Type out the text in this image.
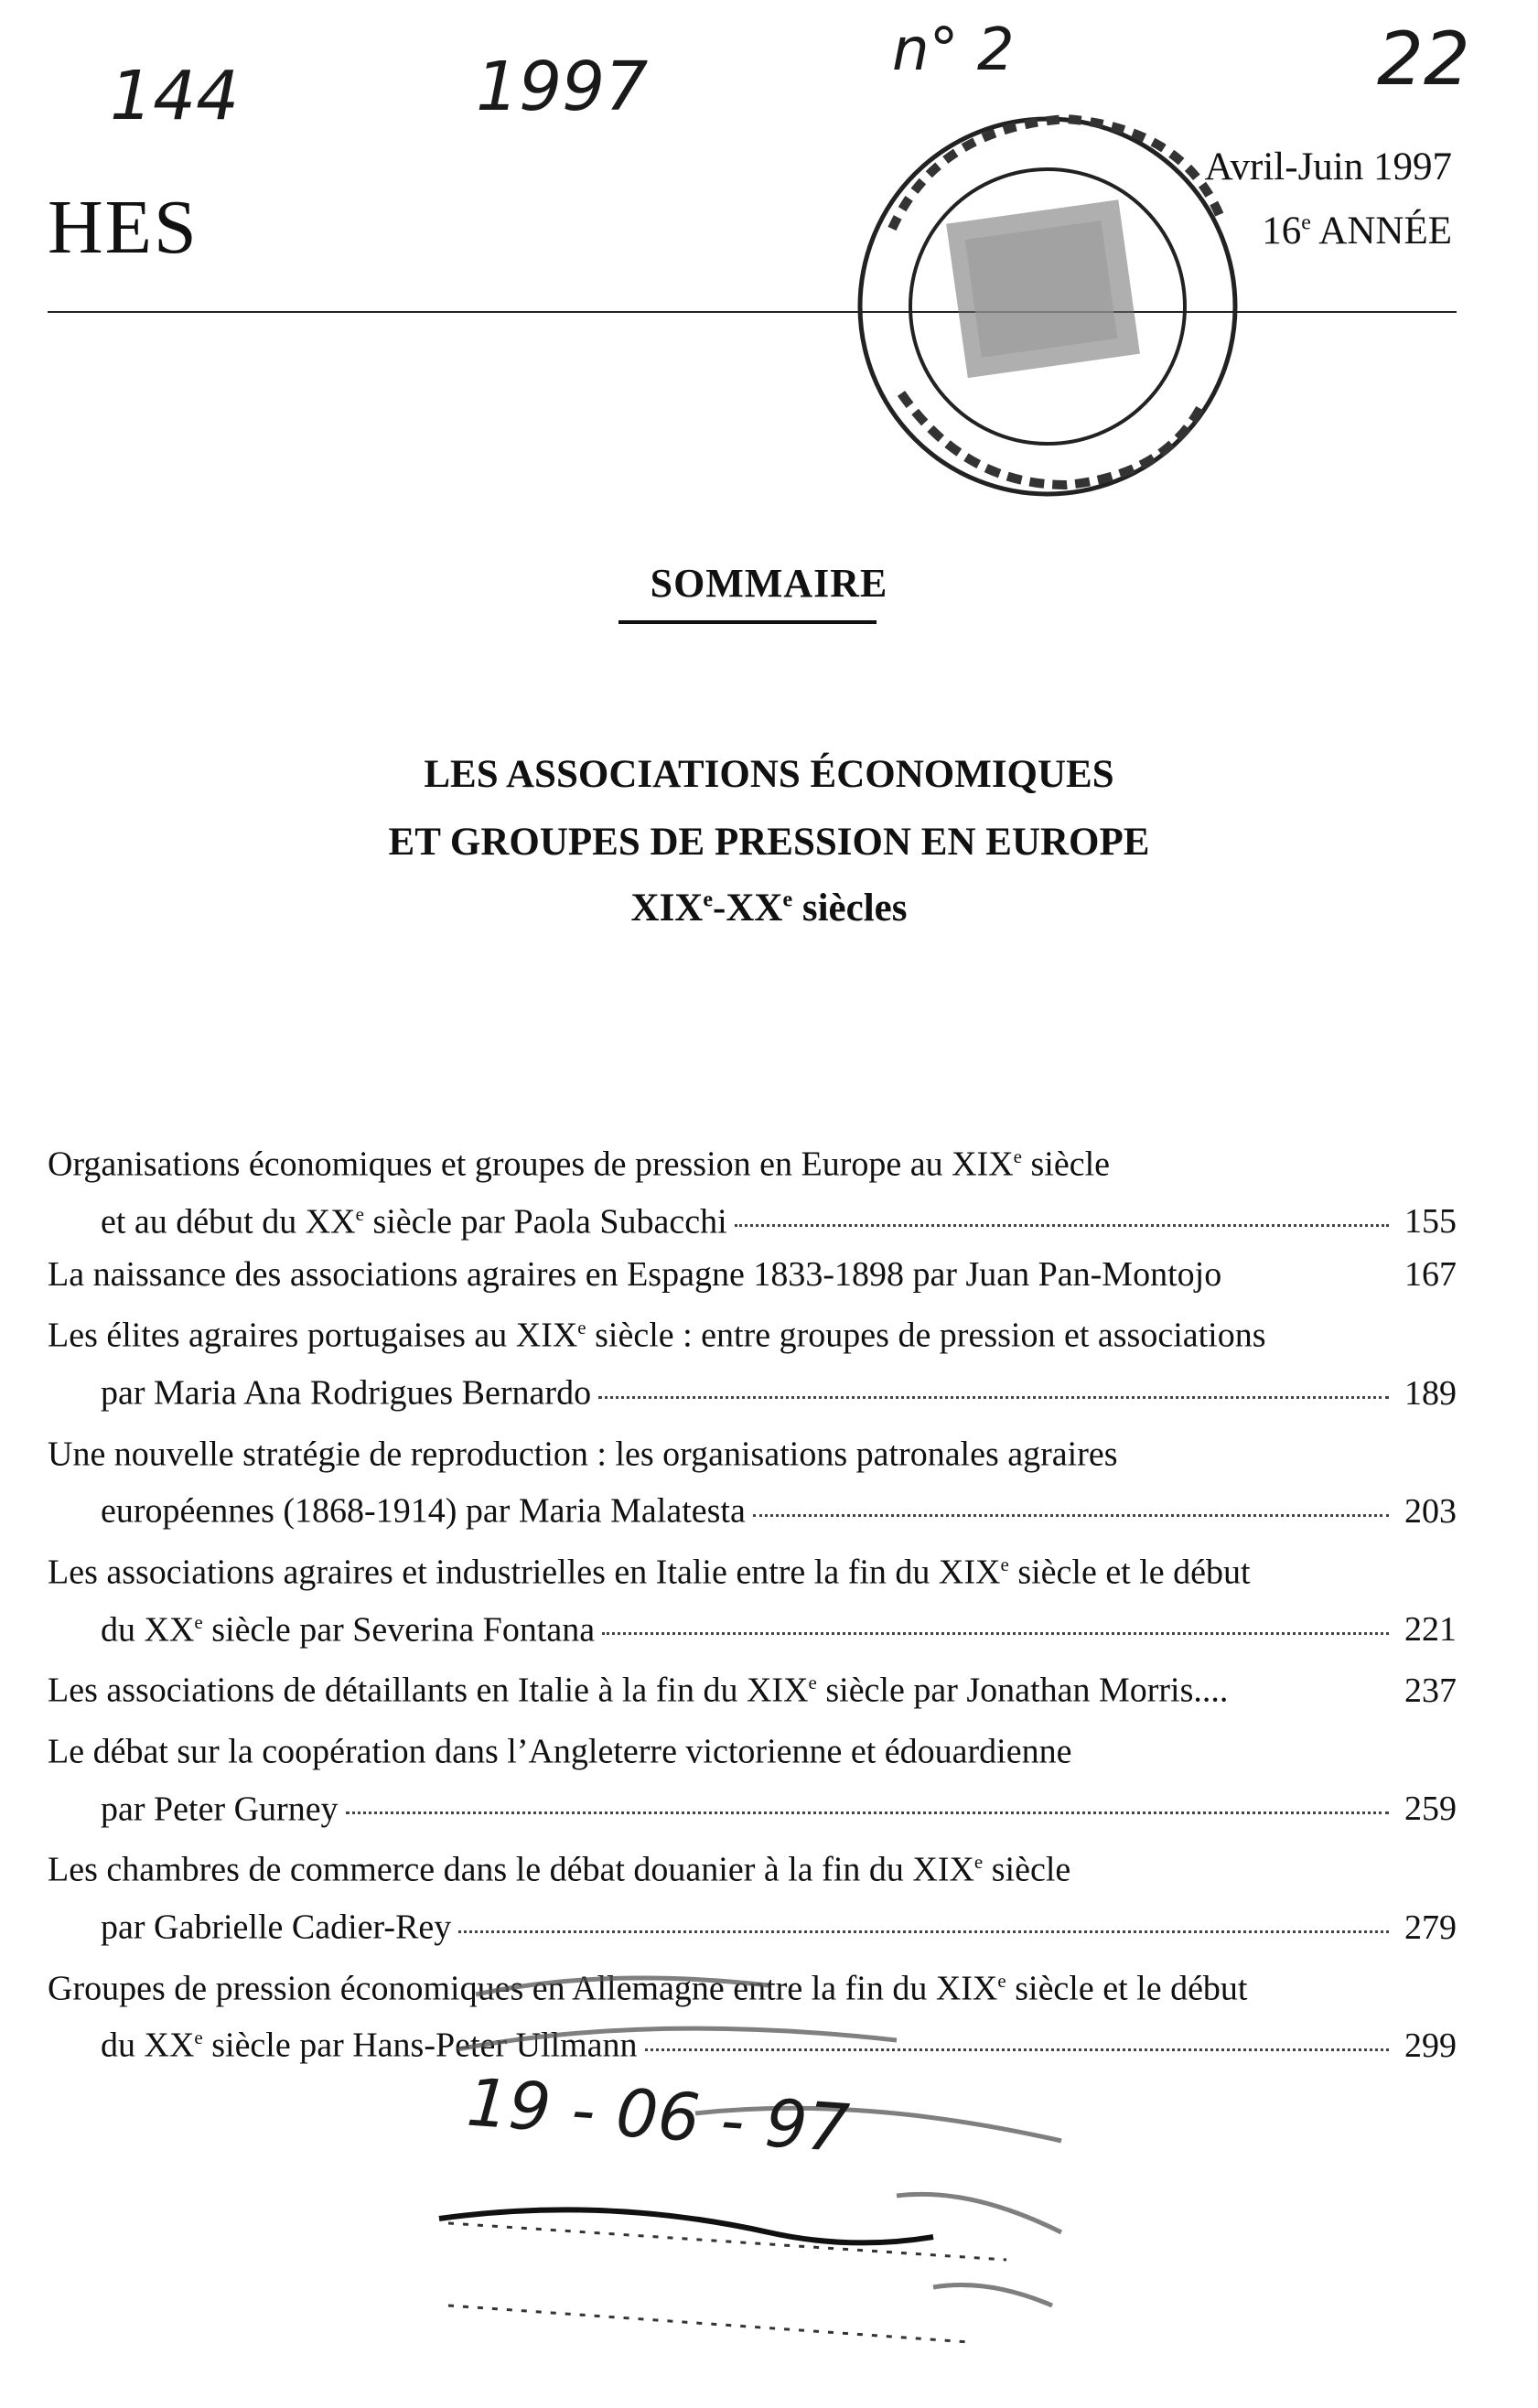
144	1997	n° 2	22
HES
Avril-Juin 1997
16e ANNÉE
SOMMAIRE
LES ASSOCIATIONS ÉCONOMIQUES
ET GROUPES DE PRESSION EN EUROPE
XIXe-XXe siècles
Organisations économiques et groupes de pression en Europe au XIXe siècle
et au début du XXe siècle par Paola Subacchi	155
La naissance des associations agraires en Espagne 1833-1898 par Juan Pan-Montojo	167
Les élites agraires portugaises au XIXe siècle : entre groupes de pression et associations
par Maria Ana Rodrigues Bernardo	189
Une nouvelle stratégie de reproduction : les organisations patronales agraires
européennes (1868-1914) par Maria Malatesta	203
Les associations agraires et industrielles en Italie entre la fin du XIXe siècle et le début
du XXe siècle par Severina Fontana	221
Les associations de détaillants en Italie à la fin du XIXe siècle par Jonathan Morris....	237
Le débat sur la coopération dans l’Angleterre victorienne et édouardienne
par Peter Gurney	259
Les chambres de commerce dans le débat douanier à la fin du XIXe siècle
par Gabrielle Cadier-Rey	279
Groupes de pression économiques en Allemagne entre la fin du XIXe siècle et le début
du XXe siècle par Hans-Peter Ullmann	299
19 - 06 - 97
